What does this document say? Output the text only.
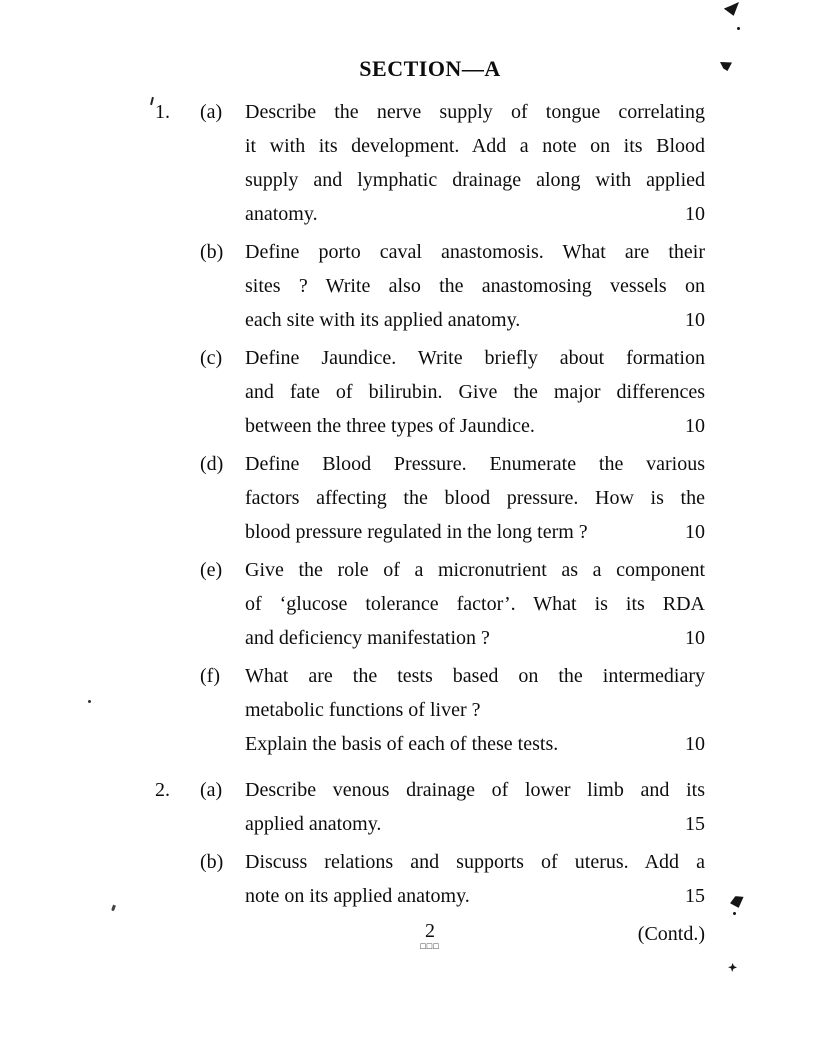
SECTION—A
1.	(a)	Describe the nerve supply of tongue correlating
it with its development. Add a note on its Blood
supply and lymphatic drainage along with applied
anatomy.	10
(b)	Define porto caval anastomosis. What are their
sites ? Write also the anastomosing vessels on
each site with its applied anatomy.	10
(c)	Define Jaundice. Write briefly about formation
and fate of bilirubin. Give the major differences
between the three types of Jaundice.	10
(d)	Define Blood Pressure. Enumerate the various
factors affecting the blood pressure. How is the
blood pressure regulated in the long term ?	10
(e)	Give the role of a micronutrient as a component
of ‘glucose tolerance factor’. What is its RDA
and deficiency manifestation ?	10
(f)	What are the tests based on the intermediary
metabolic functions of liver ?
Explain the basis of each of these tests.	10
2.	(a)	Describe venous drainage of lower limb and its
applied anatomy.	15
(b)	Discuss relations and supports of uterus. Add a
note on its applied anatomy.	15
2
□□□
(Contd.)
